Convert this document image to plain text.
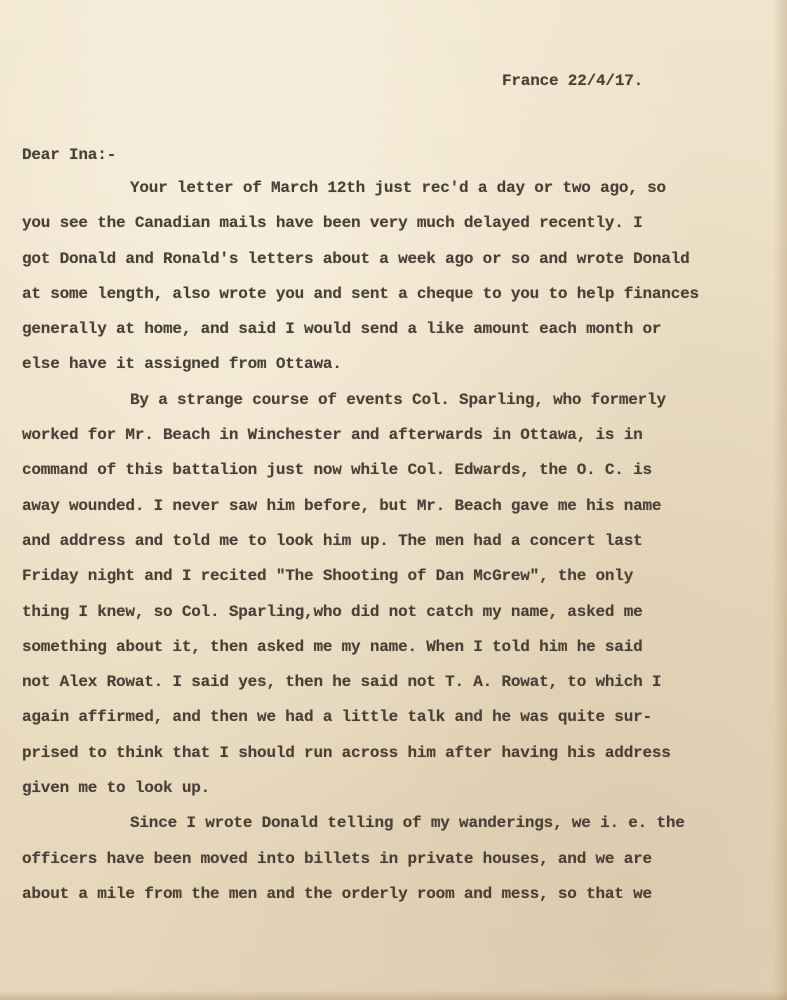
France 22/4/17.
Dear Ina:-
Your letter of March 12th just rec'd a day or two ago, so
you see the Canadian mails have been very much delayed recently. I
got Donald and Ronald's letters about a week ago or so and wrote Donald
at some length, also wrote you and sent a cheque to you to help finances
generally at home, and said I would send a like amount each month or
else have it assigned from Ottawa.
By a strange course of events Col. Sparling, who formerly
worked for Mr. Beach in Winchester and afterwards in Ottawa, is in
command of this battalion just now while Col. Edwards, the O. C. is
away wounded. I never saw him before, but Mr. Beach gave me his name
and address and told me to look him up. The men had a concert last
Friday night and I recited "The Shooting of Dan McGrew", the only
thing I knew, so Col. Sparling,who did not catch my name, asked me
something about it, then asked me my name. When I told him he said
not Alex Rowat. I said yes, then he said not T. A. Rowat, to which I
again affirmed, and then we had a little talk and he was quite sur-
prised to think that I should run across him after having his address
given me to look up.
Since I wrote Donald telling of my wanderings, we i. e. the
officers have been moved into billets in private houses, and we are
about a mile from the men and the orderly room and mess, so that we
